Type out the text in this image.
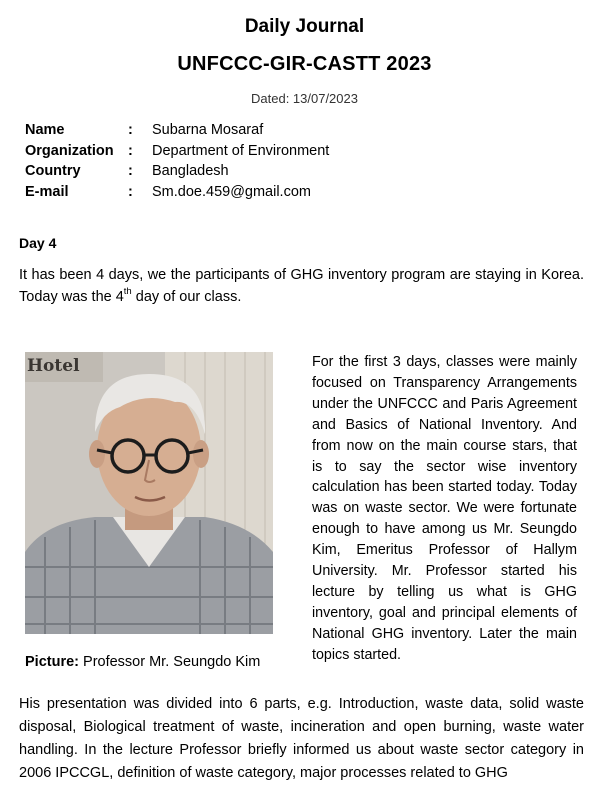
Daily Journal
UNFCCC-GIR-CASTT 2023
Dated: 13/07/2023
Name	: Subarna Mosaraf
Organization : Department of Environment
Country	: Bangladesh
E-mail	: Sm.doe.459@gmail.com
Day 4

It has been 4 days, we the participants of GHG inventory program are staying in Korea. Today was the 4th day of our class.

Hotel
Picture: Professor Mr. Seungdo Kim

For the first 3 days, classes were mainly focused on Transparency Arrangements under the UNFCCC and Paris Agreement and Basics of National Inventory. And from now on the main course stars, that is to say the sector wise inventory calculation has been started today. Today was on waste sector. We were fortunate enough to have among us Mr. Seungdo Kim, Emeritus Professor of Hallym University. Mr. Professor started his lecture by telling us what is GHG inventory, goal and principal elements of National GHG inventory. Later the main topics started.

His presentation was divided into 6 parts, e.g. Introduction, waste data, solid waste disposal, Biological treatment of waste, incineration and open burning, waste water handling. In the lecture Professor briefly informed us about waste sector category in 2006 IPCCGL, definition of waste category, major processes related to GHG
